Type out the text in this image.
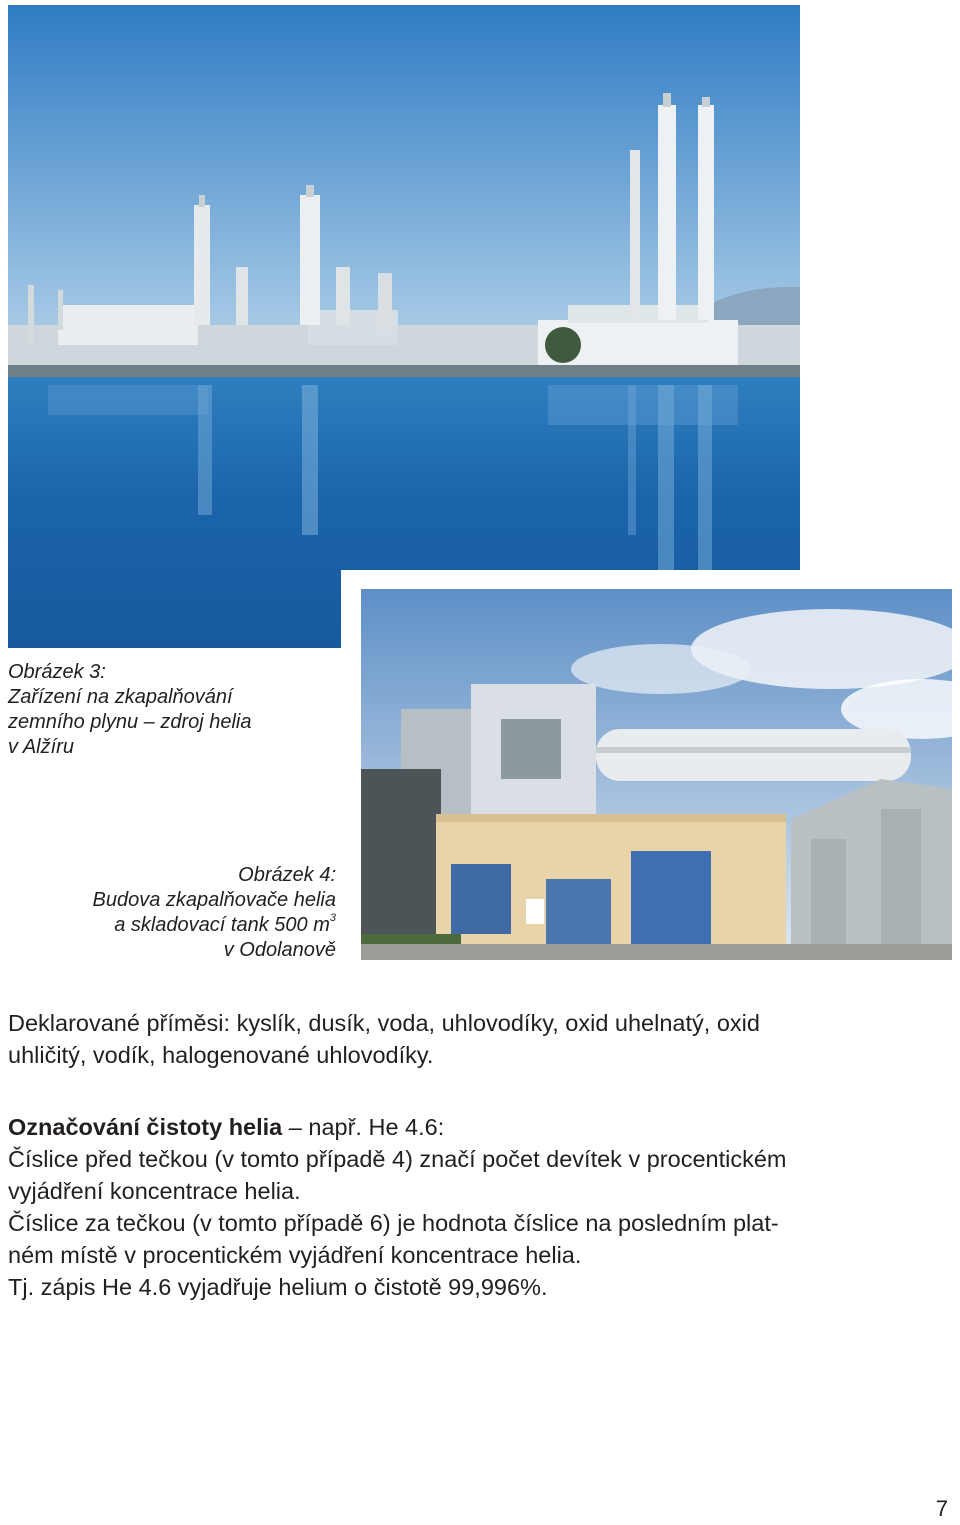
Obrázek 3:
Zařízení na zkapalňování
zemního plynu – zdroj helia
v Alžíru
Obrázek 4:
Budova zkapalňovače helia
a skladovací tank 500 $m^3$
v Odolanově
Deklarované příměsi: kyslík, dusík, voda, uhlovodíky, oxid uhelnatý, oxid
uhličitý, vodík, halogenované uhlovodíky.
Označování čistoty helia – např. He 4.6:
Číslice před tečkou (v tomto případě 4) značí počet devítek v procentickém
vyjádření koncentrace helia.
Číslice za tečkou (v tomto případě 6) je hodnota číslice na posledním plat-
ném místě v procentickém vyjádření koncentrace helia.
Tj. zápis He 4.6 vyjadřuje helium o čistotě 99,996%.
7
